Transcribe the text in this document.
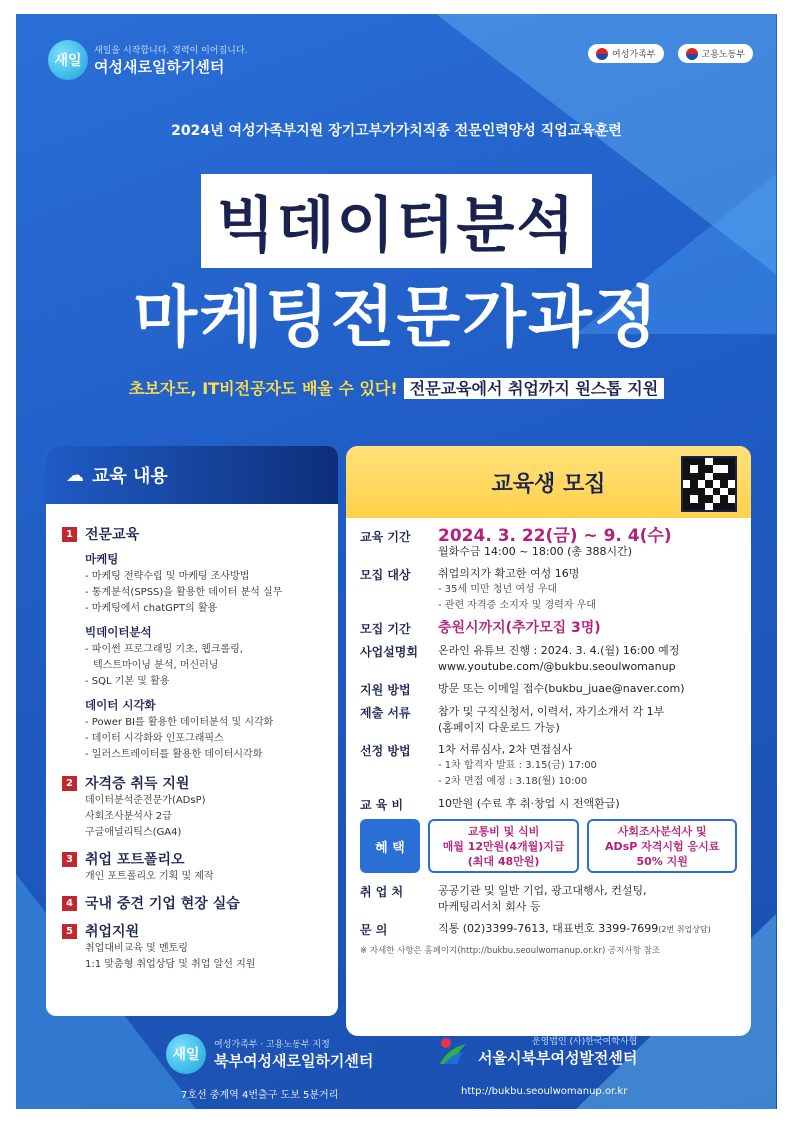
새일
새일을 시작합니다. 경력이 이어집니다.
여성새로일하기센터
여성가족부	고용노동부
2024년 여성가족부지원 장기고부가가치직종 전문인력양성 직업교육훈련
빅데이터분석
마케팅전문가과정
초보자도, IT비전공자도 배울 수 있다! 전문교육에서 취업까지 원스톱 지원
☁ 교육 내용
1 전문교육
마케팅
- 마케팅 전략수립 및 마케팅 조사방법
- 통계분석(SPSS)을 활용한 데이터 분석 실무
- 마케팅에서 chatGPT의 활용
빅데이터분석
- 파이썬 프로그래밍 기초, 웹크롤링,
텍스트마이닝 분석, 머신러닝
- SQL 기본 및 활용
데이터 시각화
- Power BI를 활용한 데이터분석 및 시각화
- 데이터 시각화와 인포그래픽스
- 일러스트레이터를 활용한 데이터시각화
2 자격증 취득 지원
데이터분석준전문가(ADsP)
사회조사분석사 2급
구글애널리틱스(GA4)
3 취업 포트폴리오
개인 포트폴리오 기획 및 제작
4 국내 중견 기업 현장 실습
5 취업지원
취업대비교육 및 멘토링
1:1 맞춤형 취업상담 및 취업 알선 지원
교육생 모집
교육 기간	2024. 3. 22(금) ~ 9. 4(수)
월화수금 14:00 ~ 18:00 (총 388시간)
모집 대상	취업의지가 확고한 여성 16명
- 35세 미만 청년 여성 우대
- 관련 자격증 소지자 및 경력자 우대
모집 기간	충원시까지(추가모집 3명)
사업설명회	온라인 유튜브 진행 : 2024. 3. 4.(월) 16:00 예정
www.youtube.com/@bukbu.seoulwomanup
지원 방법	방문 또는 이메일 접수(bukbu_juae@naver.com)
제출 서류	참가 및 구직신청서, 이력서, 자기소개서 각 1부
(홈페이지 다운로드 가능)
선정 방법	1차 서류심사, 2차 면접심사
- 1차 합격자 발표 : 3.15(금) 17:00
- 2차 면접 예정 : 3.18(월) 10:00
교 육 비	10만원 (수료 후 취·창업 시 전액환급)
혜 택
교통비 및 식비
매월 12만원(4개월)지급
(최대 48만원)
사회조사분석사 및
ADsP 자격시험 응시료
50% 지원
취 업 처	공공기관 및 일반 기업, 광고대행사, 컨설팅,
마케팅리서치 회사 등
문 의	직통 (02)3399-7613, 대표번호 3399-7699(2번 취업상담)
※ 자세한 사항은 홈페이지(http://bukbu.seoulwomanup.or.kr) 공지사항 참조
새일
여성가족부 · 고용노동부 지정
북부여성새로일하기센터
7호선 중계역 4번출구 도보 5분거리
운영법인 (사)한국여학사협
서울시북부여성발전센터
http://bukbu.seoulwomanup.or.kr
